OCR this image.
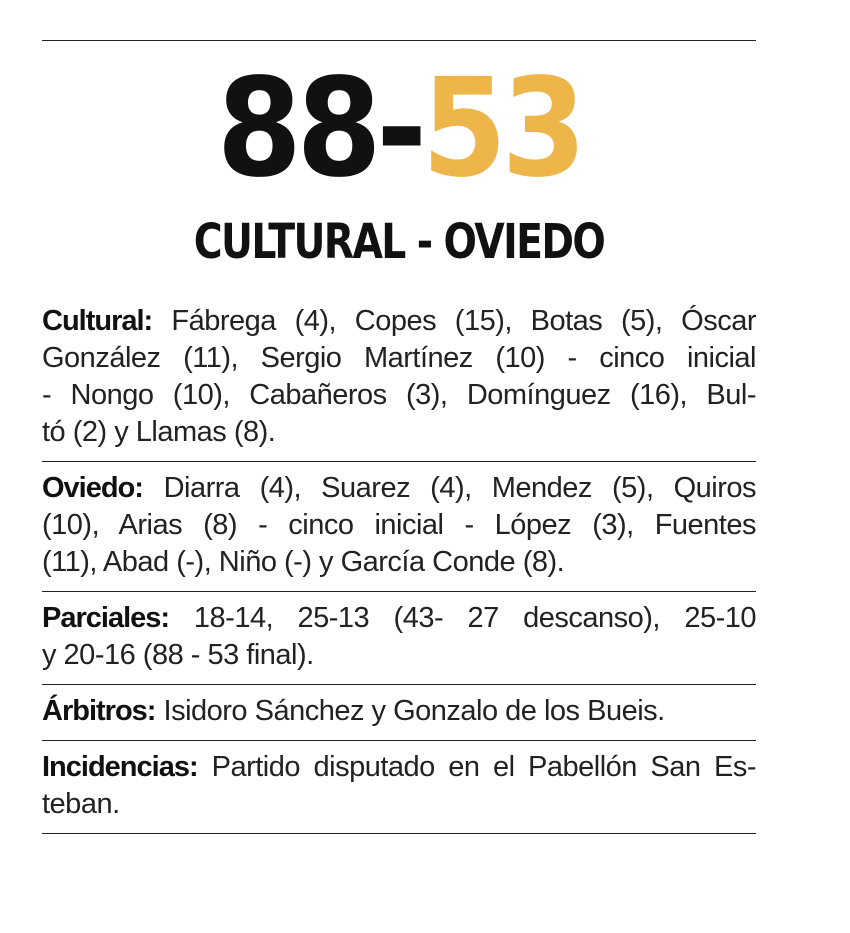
88-53
CULTURAL - OVIEDO
Cultural: Fábrega (4), Copes (15), Botas (5), Óscar
González (11), Sergio Martínez (10) - cinco inicial
- Nongo (10), Cabañeros (3), Domínguez (16), Bul-
tó (2) y Llamas (8).
Oviedo: Diarra (4), Suarez (4), Mendez (5), Quiros
(10), Arias (8) - cinco inicial - López (3), Fuentes
(11), Abad (-), Niño (-) y García Conde (8).
Parciales: 18-14, 25-13 (43- 27 descanso), 25-10
y 20-16 (88 - 53 final).
Árbitros: Isidoro Sánchez y Gonzalo de los Bueis.
Incidencias: Partido disputado en el Pabellón San Es-
teban.
